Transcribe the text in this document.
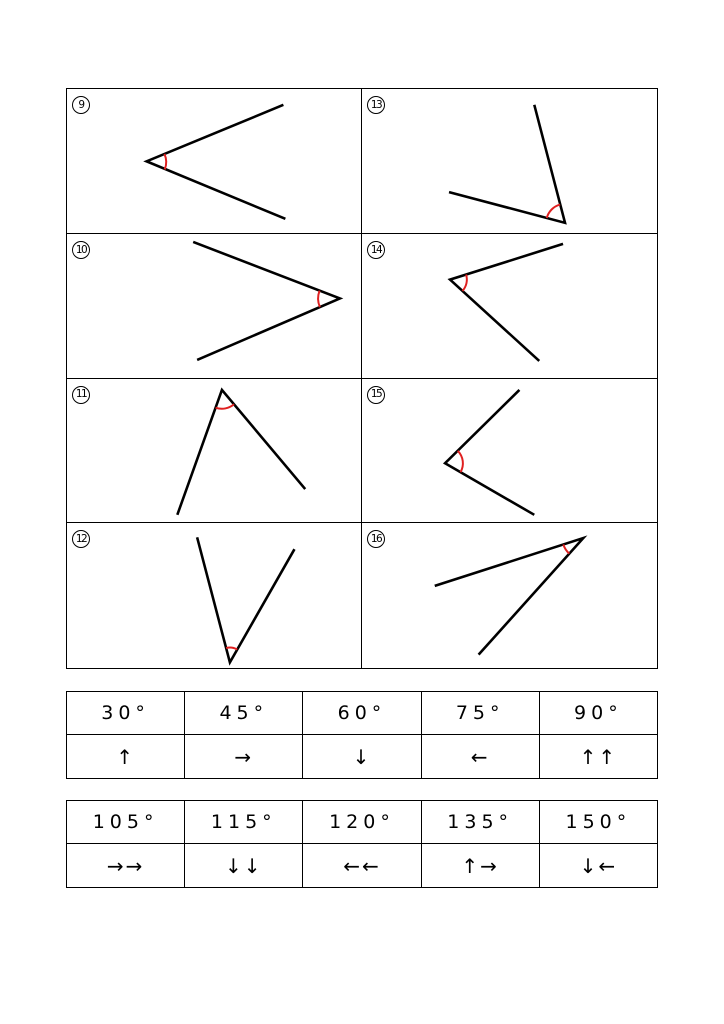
9	13
10	14
11	15
12	16
30°	45°	60°	75°	90°
↑	→	↓	←	↑↑
105°	115°	120°	135°	150°
→→	↓↓	←←	↑→	↓←
